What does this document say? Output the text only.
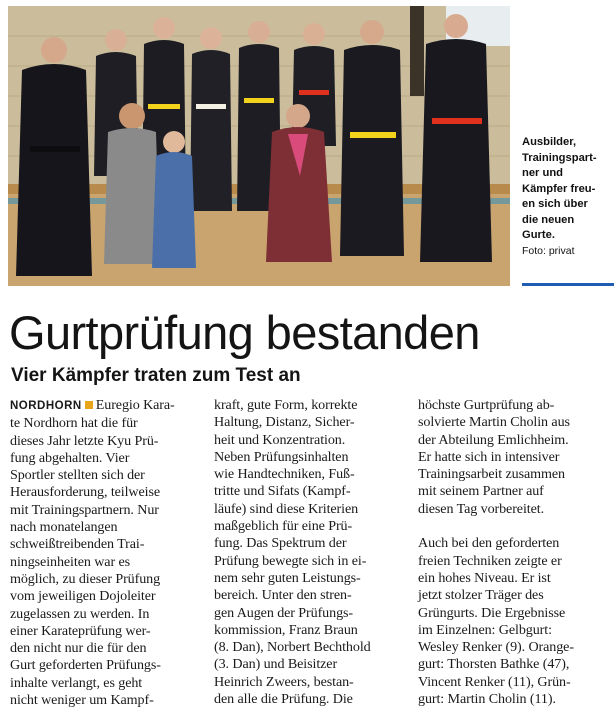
Ausbilder,
Trainingspart-
ner und
Kämpfer freu-
en sich über
die neuen
Gurte.
Foto: privat
Gurtprüfung bestanden
Vier Kämpfer traten zum Test an
NORDHORN Euregio Kara-
te Nordhorn hat die für
dieses Jahr letzte Kyu Prü-
fung abgehalten. Vier
Sportler stellten sich der
Herausforderung, teilweise
mit Trainingspartnern. Nur
nach monatelangen
schweißtreibenden Trai-
ningseinheiten war es
möglich, zu dieser Prüfung
vom jeweiligen Dojoleiter
zugelassen zu werden. In
einer Karateprüfung wer-
den nicht nur die für den
Gurt geforderten Prüfungs-
inhalte verlangt, es geht
nicht weniger um Kampf-
kraft, gute Form, korrekte
Haltung, Distanz, Sicher-
heit und Konzentration.
Neben Prüfungsinhalten
wie Handtechniken, Fuß-
tritte und Sifats (Kampf-
läufe) sind diese Kriterien
maßgeblich für eine Prü-
fung. Das Spektrum der
Prüfung bewegte sich in ei-
nem sehr guten Leistungs-
bereich. Unter den stren-
gen Augen der Prüfungs-
kommission, Franz Braun
(8. Dan), Norbert Bechthold
(3. Dan) und Beisitzer
Heinrich Zweers, bestan-
den alle die Prüfung. Die
höchste Gurtprüfung ab-
solvierte Martin Cholin aus
der Abteilung Emlichheim.
Er hatte sich in intensiver
Trainingsarbeit zusammen
mit seinem Partner auf
diesen Tag vorbereitet.
Auch bei den geforderten
freien Techniken zeigte er
ein hohes Niveau. Er ist
jetzt stolzer Träger des
Grüngurts. Die Ergebnisse
im Einzelnen: Gelbgurt:
Wesley Renker (9). Orange-
gurt: Thorsten Bathke (47),
Vincent Renker (11), Grün-
gurt: Martin Cholin (11).
